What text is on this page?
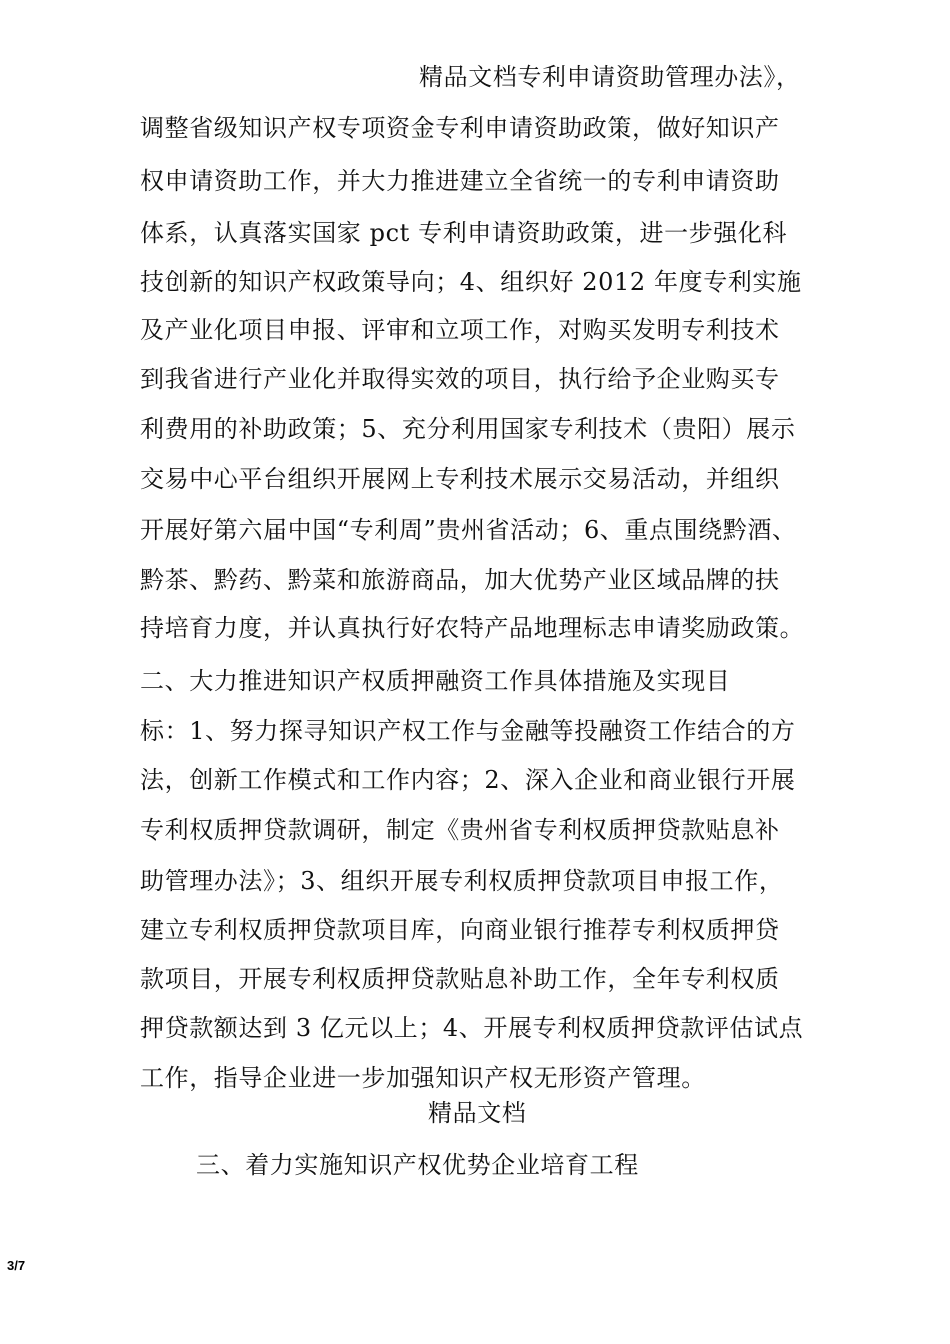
精品文档专利申请资助管理办法》，
调整省级知识产权专项资金专利申请资助政策，做好知识产
权申请资助工作，并大力推进建立全省统一的专利申请资助
体系，认真落实国家 pct 专利申请资助政策，进一步强化科
技创新的知识产权政策导向；4、组织好 2012 年度专利实施
及产业化项目申报、评审和立项工作，对购买发明专利技术
到我省进行产业化并取得实效的项目，执行给予企业购买专
利费用的补助政策；5、充分利用国家专利技术（贵阳）展示
交易中心平台组织开展网上专利技术展示交易活动，并组织
开展好第六届中国“专利周”贵州省活动；6、重点围绕黔酒、
黔茶、黔药、黔菜和旅游商品，加大优势产业区域品牌的扶
持培育力度，并认真执行好农特产品地理标志申请奖励政策。
二、大力推进知识产权质押融资工作具体措施及实现目
标：1、努力探寻知识产权工作与金融等投融资工作结合的方
法，创新工作模式和工作内容；2、深入企业和商业银行开展
专利权质押贷款调研，制定《贵州省专利权质押贷款贴息补
助管理办法》；3、组织开展专利权质押贷款项目申报工作，
建立专利权质押贷款项目库，向商业银行推荐专利权质押贷
款项目，开展专利权质押贷款贴息补助工作，全年专利权质
押贷款额达到 3 亿元以上；4、开展专利权质押贷款评估试点
工作，指导企业进一步加强知识产权无形资产管理。
精品文档
三、着力实施知识产权优势企业培育工程
3/7
